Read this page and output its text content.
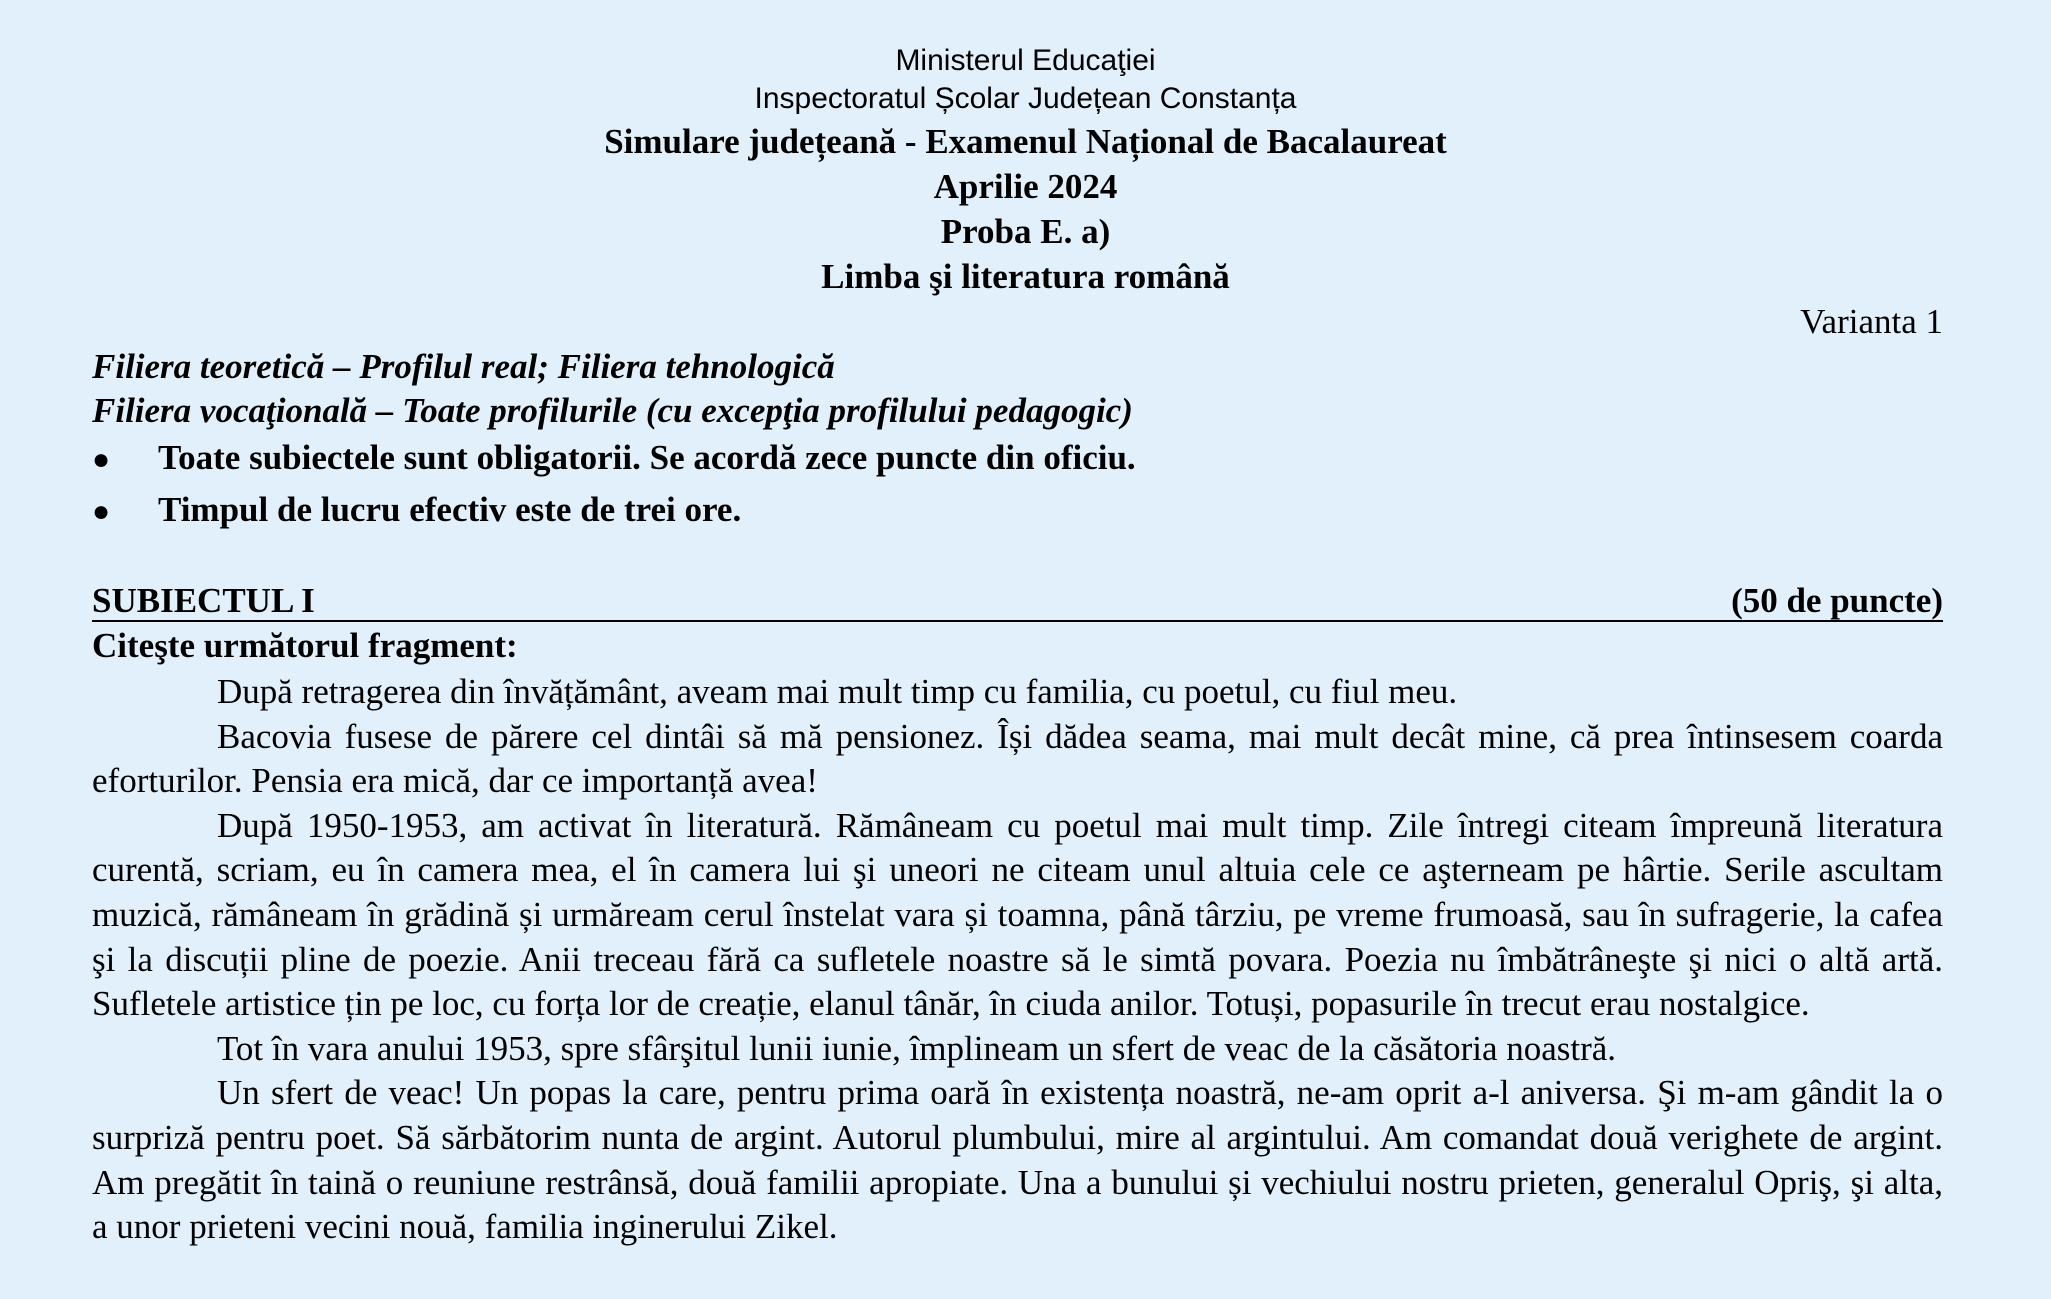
Ministerul Educaţiei
Inspectoratul Școlar Județean Constanța
Simulare județeană - Examenul Național de Bacalaureat
Aprilie 2024
Proba E. a)
Limba şi literatura română
Varianta 1
Filiera teoretică – Profilul real; Filiera tehnologică
Filiera vocaţională – Toate profilurile (cu excepţia profilului pedagogic)
●	Toate subiectele sunt obligatorii. Se acordă zece puncte din oficiu.
●	Timpul de lucru efectiv este de trei ore.
SUBIECTUL I	(50 de puncte)
Citeşte următorul fragment:

După retragerea din învățământ, aveam mai mult timp cu familia, cu poetul, cu fiul meu.

Bacovia fusese de părere cel dintâi să mă pensionez. Își dădea seama, mai mult decât mine, că prea întinsesem coarda eforturilor. Pensia era mică, dar ce importanță avea!

După 1950-1953, am activat în literatură. Rămâneam cu poetul mai mult timp. Zile întregi citeam împreună literatura curentă, scriam, eu în camera mea, el în camera lui şi uneori ne citeam unul altuia cele ce aşterneam pe hârtie. Serile ascultam muzică, rămâneam în grădină și urmăream cerul înstelat vara și toamna, până târziu, pe vreme frumoasă, sau în sufragerie, la cafea şi la discuții pline de poezie. Anii treceau fără ca sufletele noastre să le simtă povara. Poezia nu îmbătrâneşte şi nici o altă artă. Sufletele artistice țin pe loc, cu forța lor de creație, elanul tânăr, în ciuda anilor. Totuși, popasurile în trecut erau nostalgice.

Tot în vara anului 1953, spre sfârşitul lunii iunie, împlineam un sfert de veac de la căsătoria noastră.

Un sfert de veac! Un popas la care, pentru prima oară în existența noastră, ne-am oprit a-l aniversa. Şi m-am gândit la o surpriză pentru poet. Să sărbătorim nunta de argint. Autorul plumbului, mire al argintului. Am comandat două verighete de argint. Am pregătit în taină o reuniune restrânsă, două familii apropiate. Una a bunului și vechiului nostru prieten, generalul Opriş, şi alta, a unor prieteni vecini nouă, familia inginerului Zikel.
